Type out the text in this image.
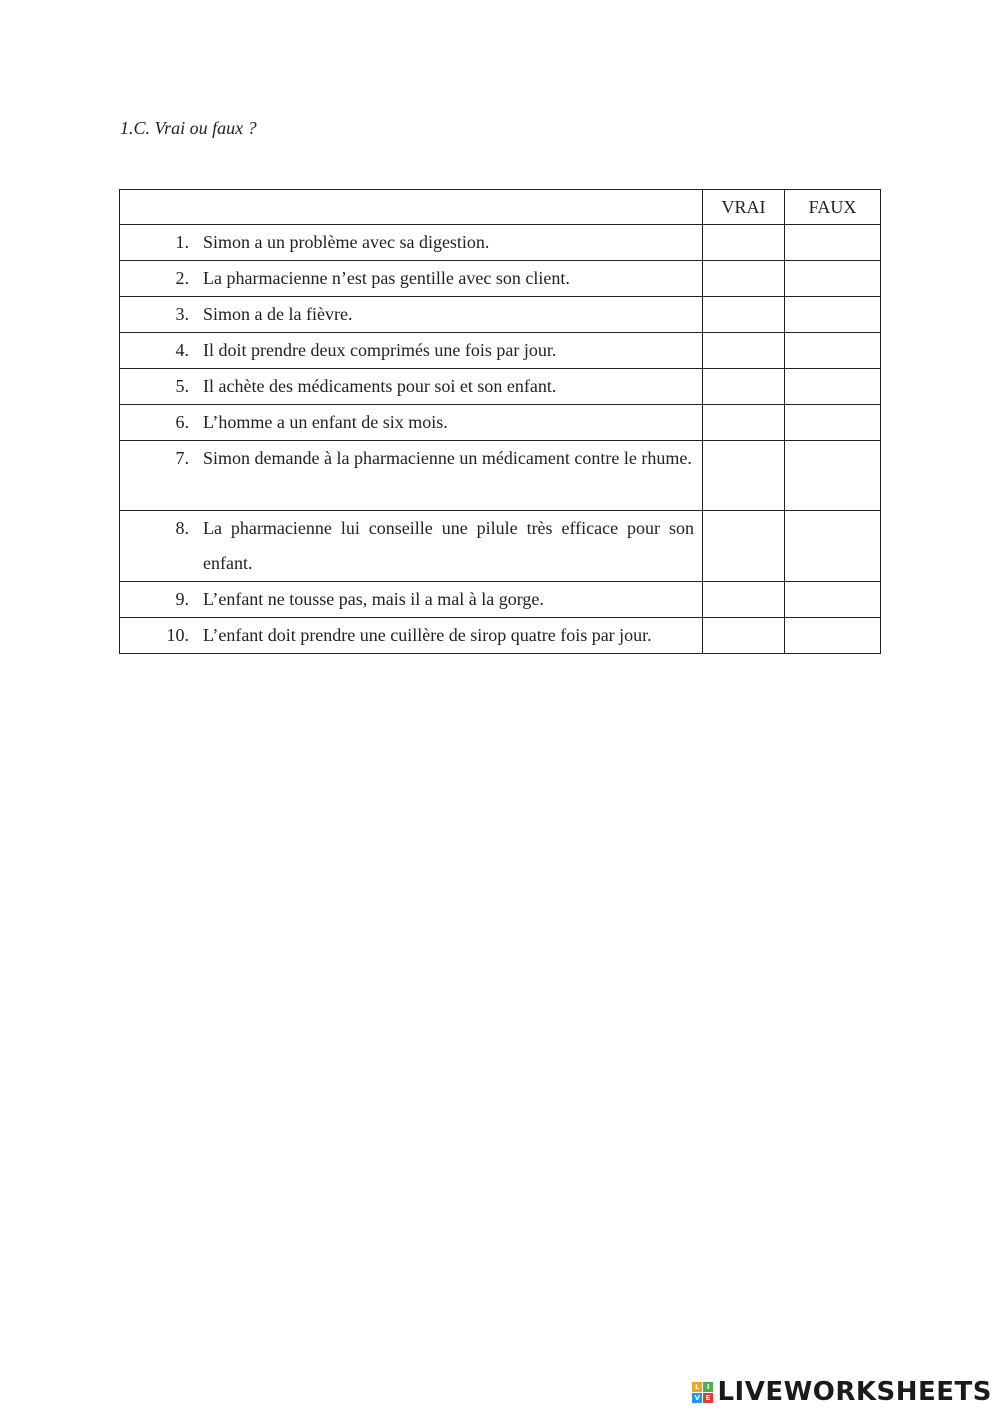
1.C. Vrai ou faux ?
	VRAI	FAUX

1. Simon a un problème avec sa digestion.		

2. La pharmacienne n’est pas gentille avec son client.		

3. Simon a de la fièvre.		

4. Il doit prendre deux comprimés une fois par jour.		

5. Il achète des médicaments pour soi et son enfant.		

6. L’homme a un enfant de six mois.		

7. Simon demande à la pharmacienne un médicament contre le rhume.		

8. La pharmacienne lui conseille une pilule très efficace pour son enfant.		

9. L’enfant ne tousse pas, mais il a mal à la gorge.		

10. L’enfant doit prendre une cuillère de sirop quatre fois par jour.		

L I
V E LIVEWORKSHEETS
